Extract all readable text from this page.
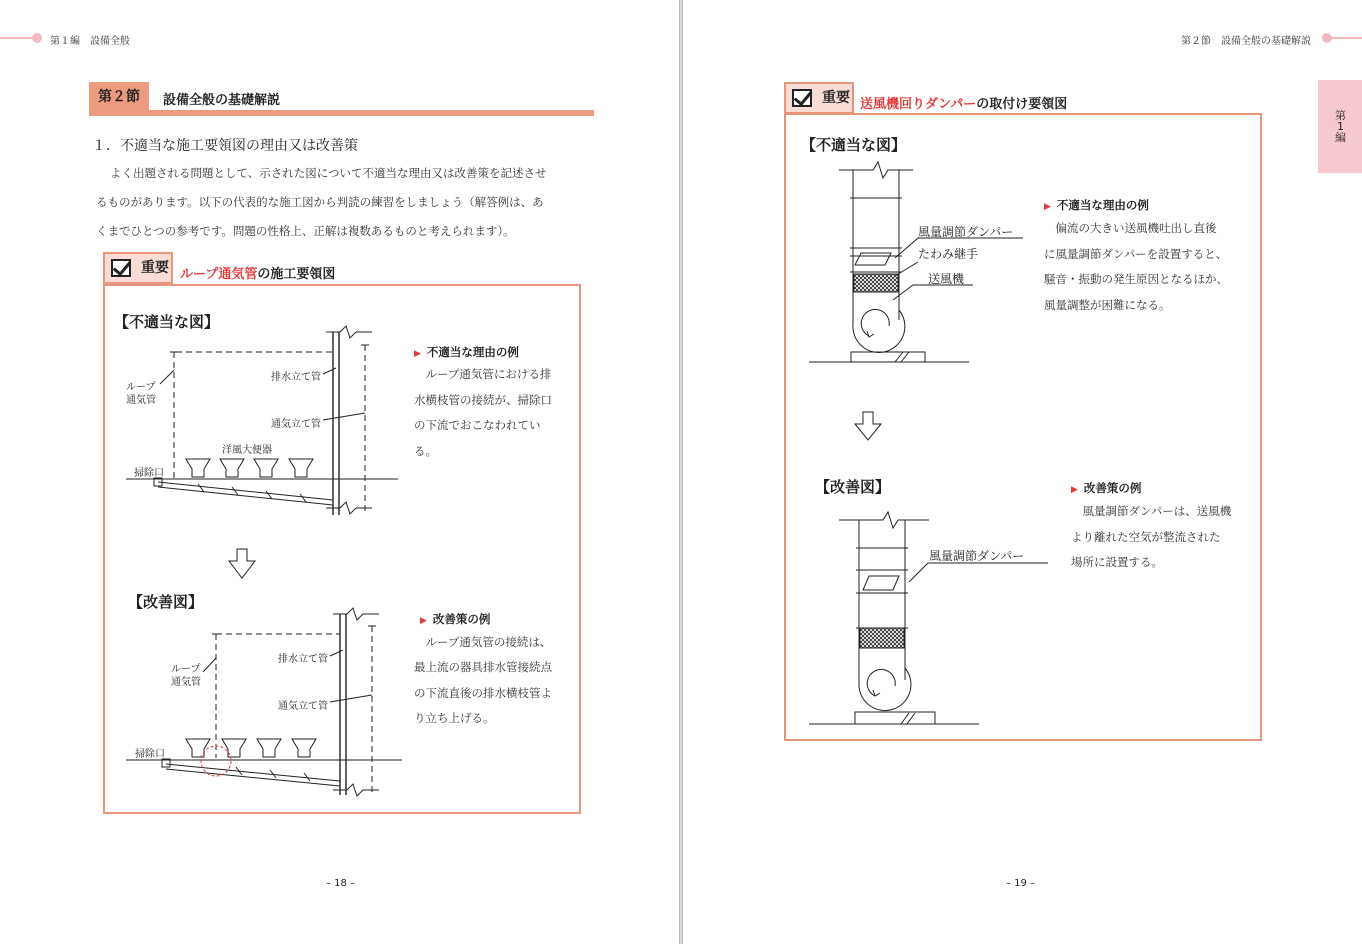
第１編　設備全般
第２節	設備全般の基礎解説
１．不適当な施工要領図の理由又は改善策
よく出題される問題として、示された図について不適当な理由又は改善策を記述させ
るものがあります。以下の代表的な施工図から判読の練習をしましょう（解答例は、あ
くまでひとつの参考です。問題の性格上、正解は複数あるものと考えられます）。
重要 ループ通気管の施工要領図
【不適当な図】
ループ
通気管
排水立て管
通気立て管
洋風大便器
掃除口
▶ 不適当な理由の例
　ループ通気管における排
水横枝管の接続が、掃除口
の下流でおこなわれてい
る。
【改善図】
ループ
通気管
排水立て管
通気立て管
掃除口
▶ 改善策の例
　ループ通気管の接続は、
最上流の器具排水管接続点
の下流直後の排水横枝管よ
り立ち上げる。
– 18 –
第２節　設備全般の基礎解説
第
1
編
重要 送風機回りダンパーの取付け要領図
【不適当な図】
風量調節ダンパー
たわみ継手
送風機
▶ 不適当な理由の例
　偏流の大きい送風機吐出し直後
に風量調節ダンパーを設置すると、
騒音・振動の発生原因となるほか、
風量調整が困難になる。
【改善図】
風量調節ダンパー
▶ 改善策の例
　風量調節ダンパーは、送風機
より離れた空気が整流された
場所に設置する。
– 19 –
